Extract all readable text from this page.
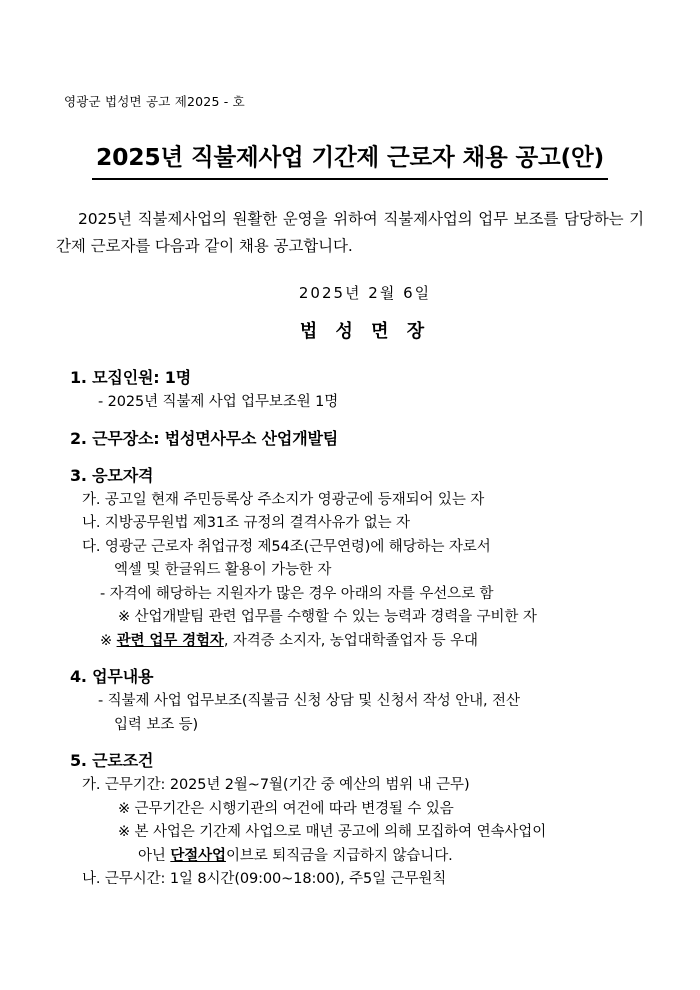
영광군 법성면 공고 제2025 - 호
2025년 직불제사업 기간제 근로자 채용 공고(안)

2025년 직불제사업의 원활한 운영을 위하여 직불제사업의 업무 보조를 담당하는 기간제 근로자를 다음과 같이 채용 공고합니다.

2025년 2월 6일
법 성 면 장
1. 모집인원: 1명
- 2025년 직불제 사업 업무보조원 1명
2. 근무장소: 법성면사무소 산업개발팀
3. 응모자격
가. 공고일 현재 주민등록상 주소지가 영광군에 등재되어 있는 자
나. 지방공무원법 제31조 규정의 결격사유가 없는 자
다. 영광군 근로자 취업규정 제54조(근무연령)에 해당하는 자로서
엑셀 및 한글워드 활용이 가능한 자
- 자격에 해당하는 지원자가 많은 경우 아래의 자를 우선으로 함
※ 산업개발팀 관련 업무를 수행할 수 있는 능력과 경력을 구비한 자
※ 관련 업무 경험자, 자격증 소지자, 농업대학졸업자 등 우대
4. 업무내용
- 직불제 사업 업무보조(직불금 신청 상담 및 신청서 작성 안내, 전산
입력 보조 등)
5. 근로조건
가. 근무기간: 2025년 2월~7월(기간 중 예산의 범위 내 근무)
※ 근무기간은 시행기관의 여건에 따라 변경될 수 있음
※ 본 사업은 기간제 사업으로 매년 공고에 의해 모집하여 연속사업이
아닌 단절사업이브로 퇴직금을 지급하지 않습니다.
나. 근무시간: 1일 8시간(09:00~18:00), 주5일 근무원칙
